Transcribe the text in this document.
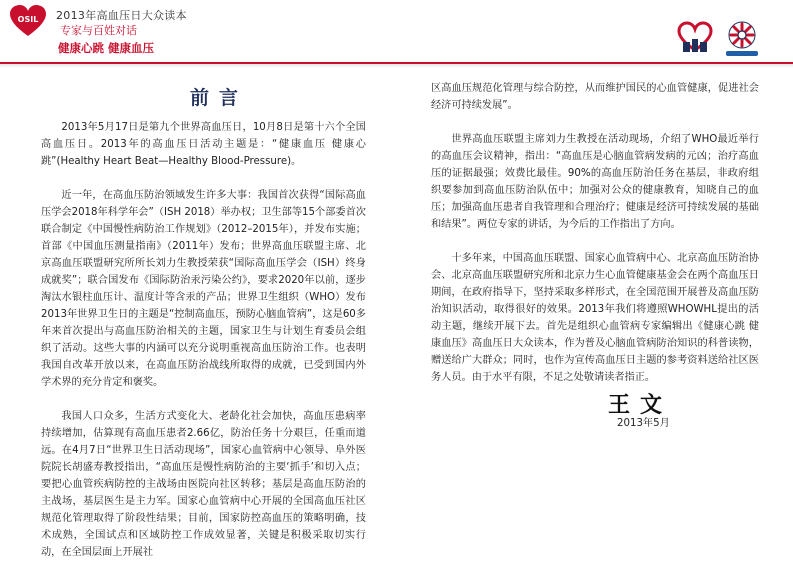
OSIL 2013年高血压日大众读本
专家与百姓对话
健康心跳 健康血压
前言

2013年5月17日是第九个世界高血压日，10月8日是第十六个全国高血压日。2013年的高血压日活动主题是：“健康血压 健康心跳”(Healthy Heart Beat—Healthy Blood-Pressure)。

近一年，在高血压防治领域发生许多大事：我国首次获得“国际高血压学会2018年科学年会”（ISH 2018）举办权；卫生部等15个部委首次联合制定《中国慢性病防治工作规划》（2012–2015年），并发布实施；首部《中国血压测量指南》（2011年）发布；世界高血压联盟主席、北京高血压联盟研究所所长刘力生教授荣获“国际高血压学会（ISH）终身成就奖”；联合国发布《国际防治汞污染公约》，要求2020年以前，逐步淘汰水银柱血压计、温度计等含汞的产品；世界卫生组织（WHO）发布2013年世界卫生日的主题是“控制高血压，预防心脑血管病”，这是60多年来首次提出与高血压防治相关的主题，国家卫生与计划生育委员会组织了活动。这些大事的内涵可以充分说明重视高血压防治工作。也表明我国自改革开放以来，在高血压防治战线所取得的成就，已受到国内外学术界的充分肯定和褒奖。

我国人口众多，生活方式变化大、老龄化社会加快，高血压患病率持续增加，估算现有高血压患者2.66亿，防治任务十分艰巨，任重而道远。在4月7日“世界卫生日活动现场”，国家心血管病中心领导、阜外医院院长胡盛寿教授指出，“高血压是慢性病防治的主要‘抓手’和切入点；要把心血管疾病防控的主战场由医院向社区转移；基层是高血压防治的主战场，基层医生是主力军。国家心血管病中心开展的全国高血压社区规范化管理取得了阶段性结果；目前，国家防控高血压的策略明确，技术成熟，全国试点和区域防控工作成效显著，关键是积极采取切实行动，在全国层面上开展社

区高血压规范化管理与综合防控，从而维护国民的心血管健康，促进社会经济可持续发展”。

世界高血压联盟主席刘力生教授在活动现场，介绍了WHO最近举行的高血压会议精神，指出：“高血压是心脑血管病发病的元凶；治疗高血压的证据最强；效费比最佳。90%的高血压防治任务在基层，非政府组织要参加到高血压防治队伍中；加强对公众的健康教育，知晓自己的血压；加强高血压患者自我管理和合理治疗；健康是经济可持续发展的基础和结果”。两位专家的讲话，为今后的工作指出了方向。

十多年来，中国高血压联盟、国家心血管病中心、北京高血压防治协会、北京高血压联盟研究所和北京力生心血管健康基金会在两个高血压日期间，在政府指导下，坚持采取多样形式，在全国范围开展普及高血压防治知识活动，取得很好的效果。2013年我们将遵照WHOWHL提出的活动主题，继续开展下去。首先是组织心血管病专家编辑出《健康心跳 健康血压》高血压日大众读本，作为普及心脑血管病防治知识的科普读物，赠送给广大群众；同时，也作为宣传高血压日主题的参考资料送给社区医务人员。由于水平有限，不足之处敬请读者指正。

王文
2013年5月
